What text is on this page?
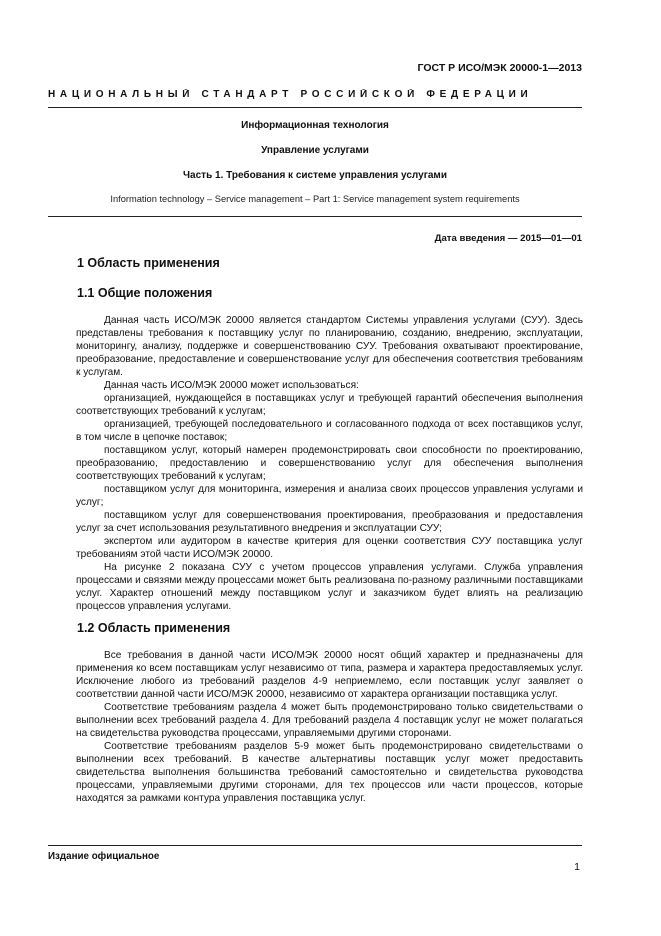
ГОСТ Р ИСО/МЭК 20000-1—2013
НАЦИОНАЛЬНЫЙ СТАНДАРТ РОССИЙСКОЙ ФЕДЕРАЦИИ
Информационная технология
Управление услугами
Часть 1. Требования к системе управления услугами
Information technology – Service management – Part 1: Service management system requirements
Дата введения — 2015—01—01
1 Область применения
1.1 Общие положения

Данная часть ИСО/МЭК 20000 является стандартом Системы управления услугами (СУУ). Здесь представлены требования к поставщику услуг по планированию, созданию, внедрению, эксплуатации, мониторингу, анализу, поддержке и совершенствованию СУУ. Требования охватывают проектирование, преобразование, предоставление и совершенствование услуг для обеспечения соответствия требованиям к услугам.

Данная часть ИСО/МЭК 20000 может использоваться:

организацией, нуждающейся в поставщиках услуг и требующей гарантий обеспечения выполнения соответствующих требований к услугам;

организацией, требующей последовательного и согласованного подхода от всех поставщиков услуг, в том числе в цепочке поставок;

поставщиком услуг, который намерен продемонстрировать свои способности по проектированию, преобразованию, предоставлению и совершенствованию услуг для обеспечения выполнения соответствующих требований к услугам;

поставщиком услуг для мониторинга, измерения и анализа своих процессов управления услугами и услуг;

поставщиком услуг для совершенствования проектирования, преобразования и предоставления услуг за счет использования результативного внедрения и эксплуатации СУУ;

экспертом или аудитором в качестве критерия для оценки соответствия СУУ поставщика услуг требованиям этой части ИСО/МЭК 20000.

На рисунке 2 показана СУУ с учетом процессов управления услугами. Служба управления процессами и связями между процессами может быть реализована по-разному различными поставщиками услуг. Характер отношений между поставщиком услуг и заказчиком будет влиять на реализацию процессов управления услугами.

1.2 Область применения

Все требования в данной части ИСО/МЭК 20000 носят общий характер и предназначены для применения ко всем поставщикам услуг независимо от типа, размера и характера предоставляемых услуг. Исключение любого из требований разделов 4-9 неприемлемо, если поставщик услуг заявляет о соответствии данной части ИСО/МЭК 20000, независимо от характера организации поставщика услуг.

Соответствие требованиям раздела 4 может быть продемонстрировано только свидетельствами о выполнении всех требований раздела 4. Для требований раздела 4 поставщик услуг не может полагаться на свидетельства руководства процессами, управляемыми другими сторонами.

Соответствие требованиям разделов 5-9 может быть продемонстрировано свидетельствами о выполнении всех требований. В качестве альтернативы поставщик услуг может предоставить свидетельства выполнения большинства требований самостоятельно и свидетельства руководства процессами, управляемыми другими сторонами, для тех процессов или части процессов, которые находятся за рамками контура управления поставщика услуг.

Издание официальное
1
